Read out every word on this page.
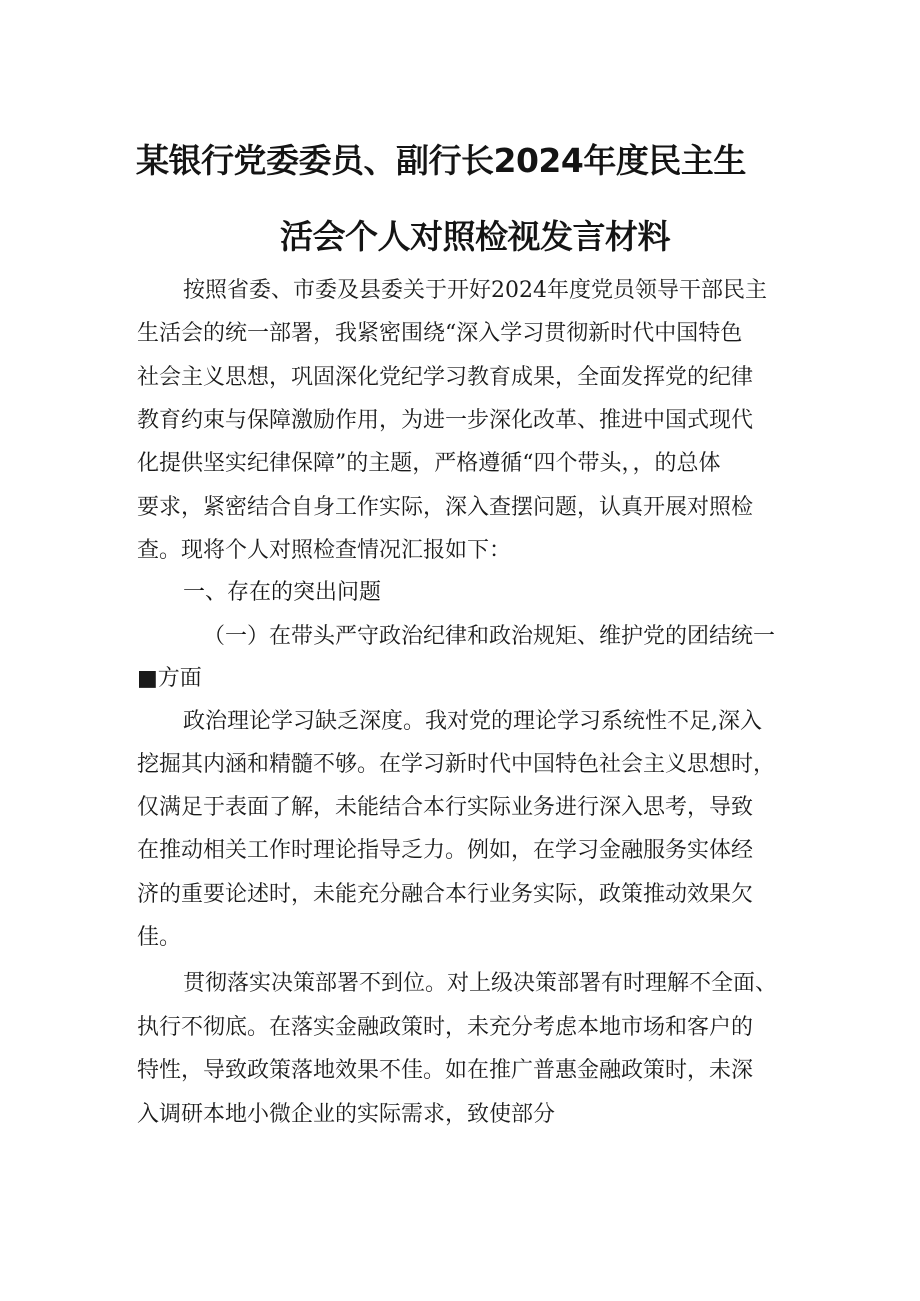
某银行党委委员、副行长2024年度民主生
活会个人对照检视发言材料
按照省委、市委及县委关于开好2024年度党员领导干部民主
生活会的统一部署，我紧密围绕“深入学习贯彻新时代中国特色
社会主义思想，巩固深化党纪学习教育成果，全面发挥党的纪律
教育约束与保障激励作用，为进一步深化改革、推进中国式现代
化提供坚实纪律保障”的主题，严格遵循“四个带头，，的总体
要求，紧密结合自身工作实际，深入查摆问题，认真开展对照检
查。现将个人对照检查情况汇报如下：
一、存在的突出问题
（一）在带头严守政治纪律和政治规矩、维护党的团结统一
■方面
政治理论学习缺乏深度。我对党的理论学习系统性不足,深入
挖掘其内涵和精髓不够。在学习新时代中国特色社会主义思想时，
仅满足于表面了解，未能结合本行实际业务进行深入思考，导致
在推动相关工作时理论指导乏力。例如，在学习金融服务实体经
济的重要论述时，未能充分融合本行业务实际，政策推动效果欠
佳。
贯彻落实决策部署不到位。对上级决策部署有时理解不全面、
执行不彻底。在落实金融政策时，未充分考虑本地市场和客户的
特性，导致政策落地效果不佳。如在推广普惠金融政策时，未深
入调研本地小微企业的实际需求，致使部分
